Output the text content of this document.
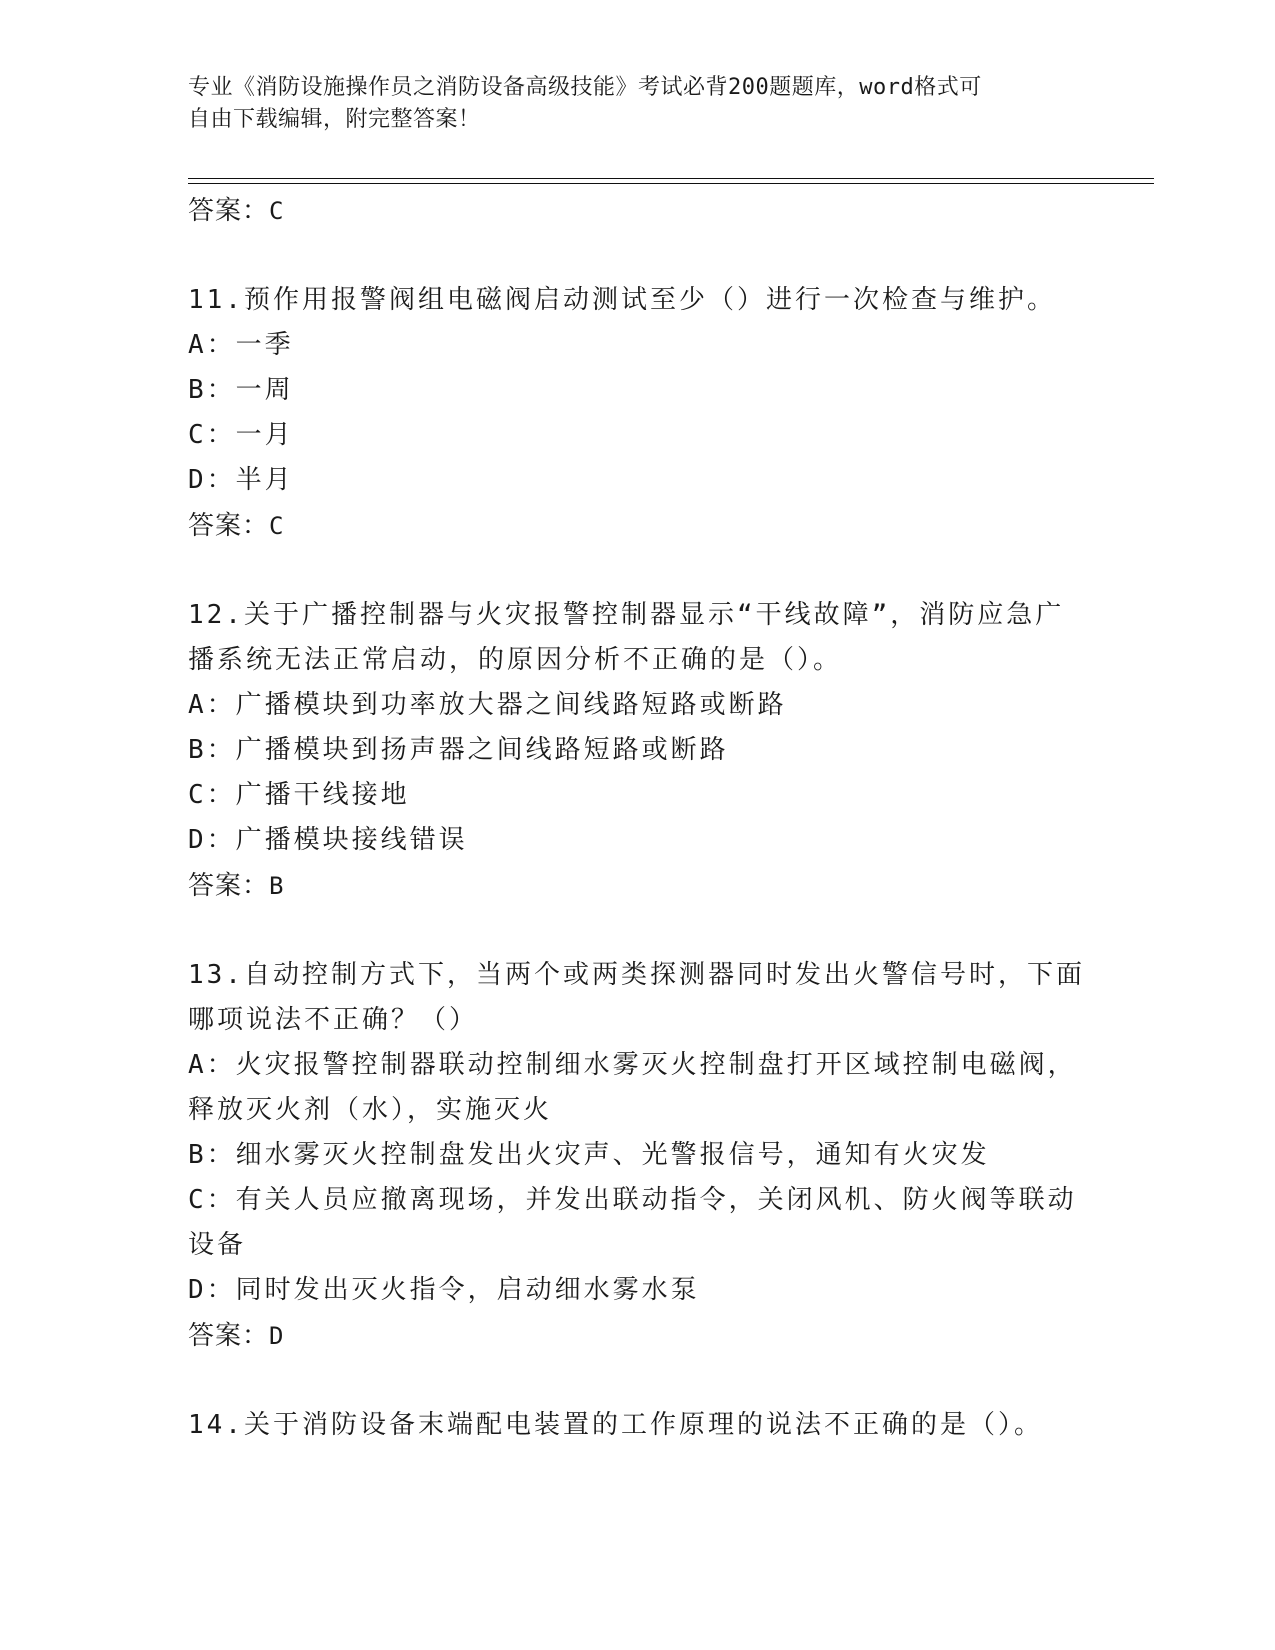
专业《消防设施操作员之消防设备高级技能》考试必背200题题库，word格式可
自由下载编辑，附完整答案！
答案：C
11.预作用报警阀组电磁阀启动测试至少（）进行一次检查与维护。
A：一季
B：一周
C：一月
D：半月
答案：C
12.关于广播控制器与火灾报警控制器显示“干线故障”，消防应急广
播系统无法正常启动，的原因分析不正确的是（）。
A：广播模块到功率放大器之间线路短路或断路
B：广播模块到扬声器之间线路短路或断路
C：广播干线接地
D：广播模块接线错误
答案：B
13.自动控制方式下，当两个或两类探测器同时发出火警信号时，下面
哪项说法不正确？（）
A：火灾报警控制器联动控制细水雾灭火控制盘打开区域控制电磁阀，
释放灭火剂（水），实施灭火
B：细水雾灭火控制盘发出火灾声、光警报信号，通知有火灾发
C：有关人员应撤离现场，并发出联动指令，关闭风机、防火阀等联动
设备
D：同时发出灭火指令，启动细水雾水泵
答案：D
14.关于消防设备末端配电装置的工作原理的说法不正确的是（）。
